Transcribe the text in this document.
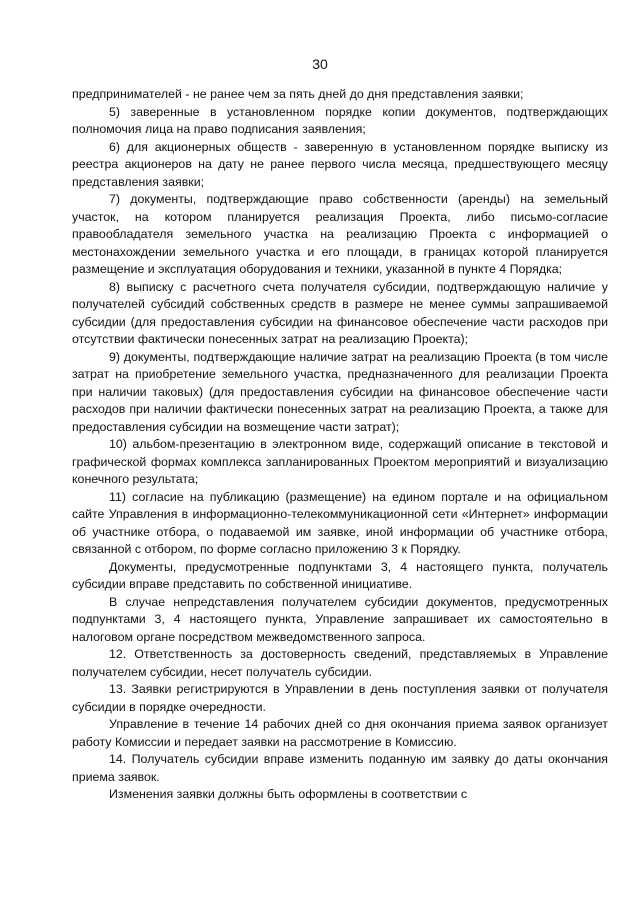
30

предпринимателей - не ранее чем за пять дней до дня представления заявки;

5) заверенные в установленном порядке копии документов, подтверждающих полномочия лица на право подписания заявления;

6) для акционерных обществ - заверенную в установленном порядке выписку из реестра акционеров на дату не ранее первого числа месяца, предшествующего месяцу представления заявки;

7) документы, подтверждающие право собственности (аренды) на земельный участок, на котором планируется реализация Проекта, либо письмо-согласие правообладателя земельного участка на реализацию Проекта с информацией о местонахождении земельного участка и его площади, в границах которой планируется размещение и эксплуатация оборудования и техники, указанной в пункте 4 Порядка;

8) выписку с расчетного счета получателя субсидии, подтверждающую наличие у получателей субсидий собственных средств в размере не менее суммы запрашиваемой субсидии (для предоставления субсидии на финансовое обеспечение части расходов при отсутствии фактически понесенных затрат на реализацию Проекта);

9) документы, подтверждающие наличие затрат на реализацию Проекта (в том числе затрат на приобретение земельного участка, предназначенного для реализации Проекта при наличии таковых) (для предоставления субсидии на финансовое обеспечение части расходов при наличии фактически понесенных затрат на реализацию Проекта, а также для предоставления субсидии на возмещение части затрат);

10) альбом-презентацию в электронном виде, содержащий описание в текстовой и графической формах комплекса запланированных Проектом мероприятий и визуализацию конечного результата;

11) согласие на публикацию (размещение) на едином портале и на официальном сайте Управления в информационно-телекоммуникационной сети «Интернет» информации об участнике отбора, о подаваемой им заявке, иной информации об участнике отбора, связанной с отбором, по форме согласно приложению 3 к Порядку.

Документы, предусмотренные подпунктами 3, 4 настоящего пункта, получатель субсидии вправе представить по собственной инициативе.

В случае непредставления получателем субсидии документов, предусмотренных подпунктами 3, 4 настоящего пункта, Управление запрашивает их самостоятельно в налоговом органе посредством межведомственного запроса.

12. Ответственность за достоверность сведений, представляемых в Управление получателем субсидии, несет получатель субсидии.

13. Заявки регистрируются в Управлении в день поступления заявки от получателя субсидии в порядке очередности.

Управление в течение 14 рабочих дней со дня окончания приема заявок организует работу Комиссии и передает заявки на рассмотрение в Комиссию.

14. Получатель субсидии вправе изменить поданную им заявку до даты окончания приема заявок.

Изменения заявки должны быть оформлены в соответствии с
